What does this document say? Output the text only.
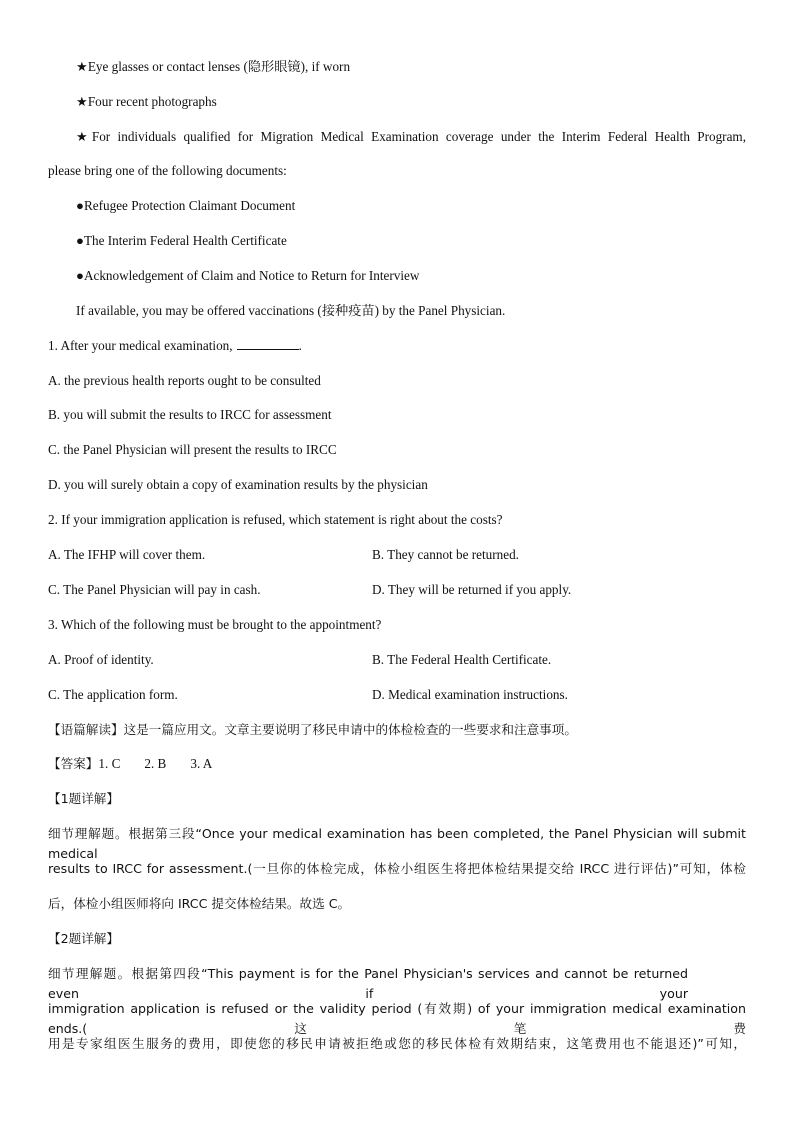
★Eye glasses or contact lenses (隐形眼镜), if worn
★Four recent photographs
★For individuals qualified for Migration Medical Examination coverage under the Interim Federal Health Program,
please bring one of the following documents:
●Refugee Protection Claimant Document
●The Interim Federal Health Certificate
●Acknowledgement of Claim and Notice to Return for Interview
If available, you may be offered vaccinations (接种疫苗) by the Panel Physician.
1. After your medical examination,	.
A. the previous health reports ought to be consulted
B. you will submit the results to IRCC for assessment
C. the Panel Physician will present the results to IRCC
D. you will surely obtain a copy of examination results by the physician
2. If your immigration application is refused, which statement is right about the costs?
A. The IFHP will cover them.	B. They cannot be returned.
C. The Panel Physician will pay in cash.	D. They will be returned if you apply.
3. Which of the following must be brought to the appointment?
A. Proof of identity.	B. The Federal Health Certificate.
C. The application form.	D. Medical examination instructions.
【语篇解读】这是一篇应用文。文章主要说明了移民申请中的体检检查的一些要求和注意事项。
【答案】1. C 2. B 3. A
【1题详解】
细节理解题。根据第三段“Once your medical examination has been completed, the Panel Physician will submit medical
results to IRCC for assessment.(一旦你的体检完成，体检小组医生将把体检结果提交给 IRCC 进行评估)”可知，体检
后，体检小组医师将向 IRCC 提交体检结果。故选 C。
【2题详解】
细节理解题。根据第四段“This payment is for the Panel Physician's services and cannot be returned even if your
immigration application is refused or the validity period (有效期) of your immigration medical examination ends.(这笔费
用是专家组医生服务的费用，即使您的移民申请被拒绝或您的移民体检有效期结束，这笔费用也不能退还)”可知，
